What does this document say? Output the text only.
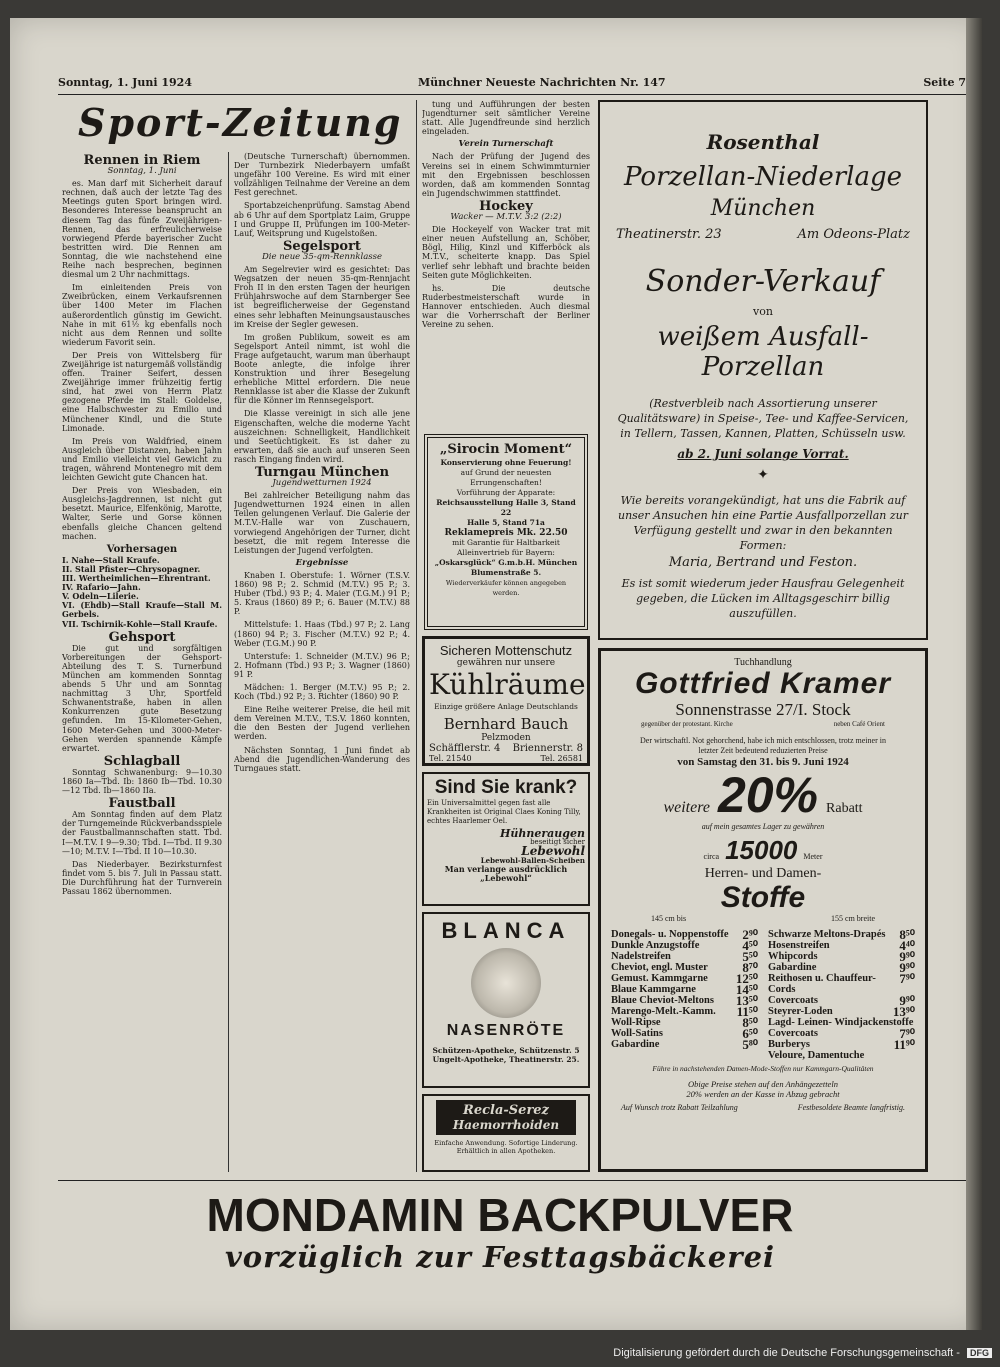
Sonntag, 1. Juni 1924	Münchner Neueste Nachrichten Nr. 147	Seite 7
Sport-Zeitung
Rennen in Riem
Sonntag, 1. Juni

es. Man darf mit Sicherheit darauf rechnen, daß auch der letzte Tag des Meetings guten Sport bringen wird. Besonderes Interesse beansprucht an diesem Tag das fünfe Zweijährigen-Rennen, das erfreulicherweise vorwiegend Pferde bayerischer Zucht bestritten wird. Die Rennen am Sonntag, die wie nachstehend eine Reihe nach besprechen, beginnen diesmal um 2 Uhr nachmittags.

Im einleitenden Preis von Zweibrücken, einem Verkaufsrennen über 1400 Meter im Flachen außerordentlich günstig im Gewicht. Nahe in mit 61½ kg ebenfalls noch nicht aus dem Rennen und sollte wiederum Favorit sein.

Der Preis von Wittelsberg für Zweijährige ist naturgemäß vollständig offen. Trainer Seifert, dessen Zweijährige immer frühzeitig fertig sind, hat zwei von Herrn Platz gezogene Pferde im Stall: Goldelse, eine Halbschwester zu Emilio und Münchener Kindl, und die Stute Limonade.

Im Preis von Waldfried, einem Ausgleich über Distanzen, haben Jahn und Emilio vielleicht viel Gewicht zu tragen, während Montenegro mit dem leichten Gewicht gute Chancen hat.

Der Preis von Wiesbaden, ein Ausgleichs-Jagdrennen, ist nicht gut besetzt. Maurice, Elfenkönig, Marotte, Walter, Serie und Gorse können ebenfalls gleiche Chancen geltend machen.

Vorhersagen
I. Nahe—Stall Kraufe.
II. Stall Pfister—Chrysopagner.
III. Wertheimlichen—Ehrentrant.
IV. Rafario—Jahn.
V. Odeln—Lilerie.
VI. (Ehdb)—Stall Kraufe—Stall M. Gerbels.
VII. Tschirnik-Kohle—Stall Kraufe.
Gehsport

Die gut und sorgfältigen Vorbereitungen der Gehsport-Abteilung des T. S. Turnerbund München am kommenden Sonntag abends 5 Uhr und am Sonntag nachmittag 3 Uhr, Sportfeld Schwanentstraße, haben in allen Konkurrenzen gute Besetzung gefunden. Im 15-Kilometer-Gehen, 1600 Meter-Gehen und 3000-Meter-Gehen werden spannende Kämpfe erwartet.

Schlagball

Sonntag Schwanenburg: 9—10.30 1860 Ia—Tbd. Ib: 1860 Ib—Tbd. 10.30—12 Tbd. Ib—1860 IIa.

Faustball

Am Sonntag finden auf dem Platz der Turngemeinde Rückverbandsspiele der Faustballmannschaften statt. Tbd. I—M.T.V. I 9—9.30; Tbd. I—Tbd. II 9.30—10; M.T.V. I—Tbd. II 10—10.30.

Das Niederbayer. Bezirksturnfest findet vom 5. bis 7. Juli in Passau statt. Die Durchführung hat der Turnverein Passau 1862 übernommen.

(Deutsche Turnerschaft) übernommen. Der Turnbezirk Niederbayern umfaßt ungefähr 100 Vereine. Es wird mit einer vollzähligen Teilnahme der Vereine an dem Fest gerechnet.

Sportabzeichenprüfung. Samstag Abend ab 6 Uhr auf dem Sportplatz Laim, Gruppe I und Gruppe II, Prüfungen im 100-Meter-Lauf, Weitsprung und Kugelstoßen.

Segelsport
Die neue 35-qm-Rennklasse

Am Segelrevier wird es gesichtet: Das Wegsatzen der neuen 35-qm-Rennjacht Froh II in den ersten Tagen der heurigen Frühjahrswoche auf dem Starnberger See ist begreiflicherweise der Gegenstand eines sehr lebhaften Meinungsaustausches im Kreise der Segler gewesen.

Im großen Publikum, soweit es am Segelsport Anteil nimmt, ist wohl die Frage aufgetaucht, warum man überhaupt Boote anlegte, die infolge ihrer Konstruktion und ihrer Besegelung erhebliche Mittel erfordern. Die neue Rennklasse ist aber die Klasse der Zukunft für die Könner im Rennsegelsport.

Die Klasse vereinigt in sich alle jene Eigenschaften, welche die moderne Yacht auszeichnen: Schnelligkeit, Handlichkeit und Seetüchtigkeit. Es ist daher zu erwarten, daß sie auch auf unseren Seen rasch Eingang finden wird.

Turngau München
Jugendwetturnen 1924

Bei zahlreicher Beteiligung nahm das Jugendwetturnen 1924 einen in allen Teilen gelungenen Verlauf. Die Galerie der M.T.V.-Halle war von Zuschauern, vorwiegend Angehörigen der Turner, dicht besetzt, die mit regem Interesse die Leistungen der Jugend verfolgten.

Ergebnisse

Knaben I. Oberstufe: 1. Wörner (T.S.V. 1860) 98 P.; 2. Schmid (M.T.V.) 95 P.; 3. Huber (Tbd.) 93 P.; 4. Maier (T.G.M.) 91 P.; 5. Kraus (1860) 89 P.; 6. Bauer (M.T.V.) 88 P.

Mittelstufe: 1. Haas (Tbd.) 97 P.; 2. Lang (1860) 94 P.; 3. Fischer (M.T.V.) 92 P.; 4. Weber (T.G.M.) 90 P.

Unterstufe: 1. Schneider (M.T.V.) 96 P.; 2. Hofmann (Tbd.) 93 P.; 3. Wagner (1860) 91 P.

Mädchen: 1. Berger (M.T.V.) 95 P.; 2. Koch (Tbd.) 92 P.; 3. Richter (1860) 90 P.

Eine Reihe weiterer Preise, die heil mit dem Vereinen M.T.V., T.S.V. 1860 konnten, die den Besten der Jugend verliehen werden.

Nächsten Sonntag, 1 Juni findet ab Abend die Jugendlichen-Wanderung des Turngaues statt.

tung und Aufführungen der besten Jugendturner seit sämtlicher Vereine statt. Alle Jugendfreunde sind herzlich eingeladen.

Verein Turnerschaft

Nach der Prüfung der Jugend des Vereins sei in einem Schwimmturnier mit den Ergebnissen beschlossen worden, daß am kommenden Sonntag ein Jugendschwimmen stattfindet.

Hockey
Wacker — M.T.V. 3:2 (2:2)

Die Hockeyelf von Wacker trat mit einer neuen Aufstellung an, Schöber, Bögl, Hilig, Kinzl und Kifferböck als M.T.V., scheiterte knapp. Das Spiel verlief sehr lebhaft und brachte beiden Seiten gute Möglichkeiten.

hs. Die deutsche Ruderbestmeisterschaft wurde in Hannover entschieden. Auch diesmal war die Vorherrschaft der Berliner Vereine zu sehen.

„Sirocin Moment“
Konservierung ohne Feuerung!
auf Grund der neuesten Errungenschaften!
Vorführung der Apparate:
Reichsausstellung Halle 3, Stand 22
Halle 5, Stand 71a
Reklamepreis Mk. 22.50
mit Garantie für Haltbarkeit
Alleinvertrieb für Bayern:
„Oskarsglück“ G.m.b.H. München
Blumenstraße 5.
Wiederverkäufer können angegeben werden.
Sicheren Mottenschutz
gewähren nur unsere
Kühlräume
Einzige größere Anlage Deutschlands
Bernhard Bauch
Pelzmoden
Schäfflerstr. 4 Briennerstr. 8
Tel. 21540	Tel. 26581
Sind Sie krank?
Ein Universalmittel gegen fast alle Krankheiten ist Original Claes Koning Tilly, echtes Haarlemer Oel.
Hühneraugen
beseitigt sicher
Lebewohl
Lebewohl-Ballen-Scheiben
Man verlange ausdrücklich „Lebewohl“
BLANCA
NASENRÖTE
Schützen-Apotheke, Schützenstr. 5
Ungelt-Apotheke, Theatinerstr. 25.
Recla-Serez
Haemorrhoiden
Einfache Anwendung. Sofortige Linderung. Erhältlich in allen Apotheken.
Rosenthal
Porzellan-Niederlage
München
Theatinerstr. 23	Am Odeons-Platz
Sonder-Verkauf
von
weißem Ausfall-Porzellan
(Restverbleib nach Assortierung unserer Qualitätsware) in Speise-, Tee- und Kaffee-Servicen, in Tellern, Tassen, Kannen, Platten, Schüsseln usw.
ab 2. Juni solange Vorrat.
✦
Wie bereits vorangekündigt, hat uns die Fabrik auf unser Ansuchen hin eine Partie Ausfallporzellan zur Verfügung gestellt und zwar in den bekannten Formen:
Maria, Bertrand und Feston.
Es ist somit wiederum jeder Hausfrau Gelegenheit gegeben, die Lücken im Alltagsgeschirr billig auszufüllen.
Tuchhandlung
Gottfried Kramer
Sonnenstrasse 27/I. Stock
gegenüber der protestant. Kirche	neben Café Orient
Der wirtschaftl. Not gehorchend, habe ich mich entschlossen, trotz meiner in letzter Zeit bedeutend reduzierten Preise
von Samstag den 31. bis 9. Juni 1924
weitere 20% Rabatt
auf mein gesamtes Lager zu gewähren
circa 15000 Meter
Herren- und Damen-
Stoffe
145 cm bis	155 cm breite
Donegals- u. Noppenstoffe 2⁹⁰
Dunkle Anzugstoffe	4⁵⁰
Nadelstreifen	5⁵⁰
Cheviot, engl. Muster	8⁷⁰
Gemust. Kammgarne 12⁵⁰
Blaue Kammgarne	14⁵⁰
Blaue Cheviot-Meltons 13⁵⁰
Marengo-Melt.-Kamm. 11⁵⁰
Woll-Ripse	8⁵⁰
Woll-Satins	6⁵⁰
Gabardine	5⁸⁰
Schwarze Meltons-Drapés 8⁵⁰
Hosenstreifen	4⁴⁰
Whipcords	9⁹⁰
Gabardine	9⁹⁰
Reithosen u. Chauffeur-Cords
7⁹⁰
Covercoats	9⁹⁰
Steyrer-Loden	13⁹⁰
Lagd- Leinen- Windjackenstoffe
Covercoats	7⁹⁰
Burberys	11⁹⁰
Veloure, Damentuche
Führe in nachstehenden Damen-Mode-Stoffen nur Kammgarn-Qualitäten
Obige Preise stehen auf den Anhängezetteln
20% werden an der Kasse in Abzug gebracht
Auf Wunsch trotz Rabatt Teilzahlung	Festbesoldete Beamte langfristig.
MONDAMIN BACKPULVER
vorzüglich zur Festtagsbäckerei
Digitalisierung gefördert durch die Deutsche Forschungsgemeinschaft - DFG
